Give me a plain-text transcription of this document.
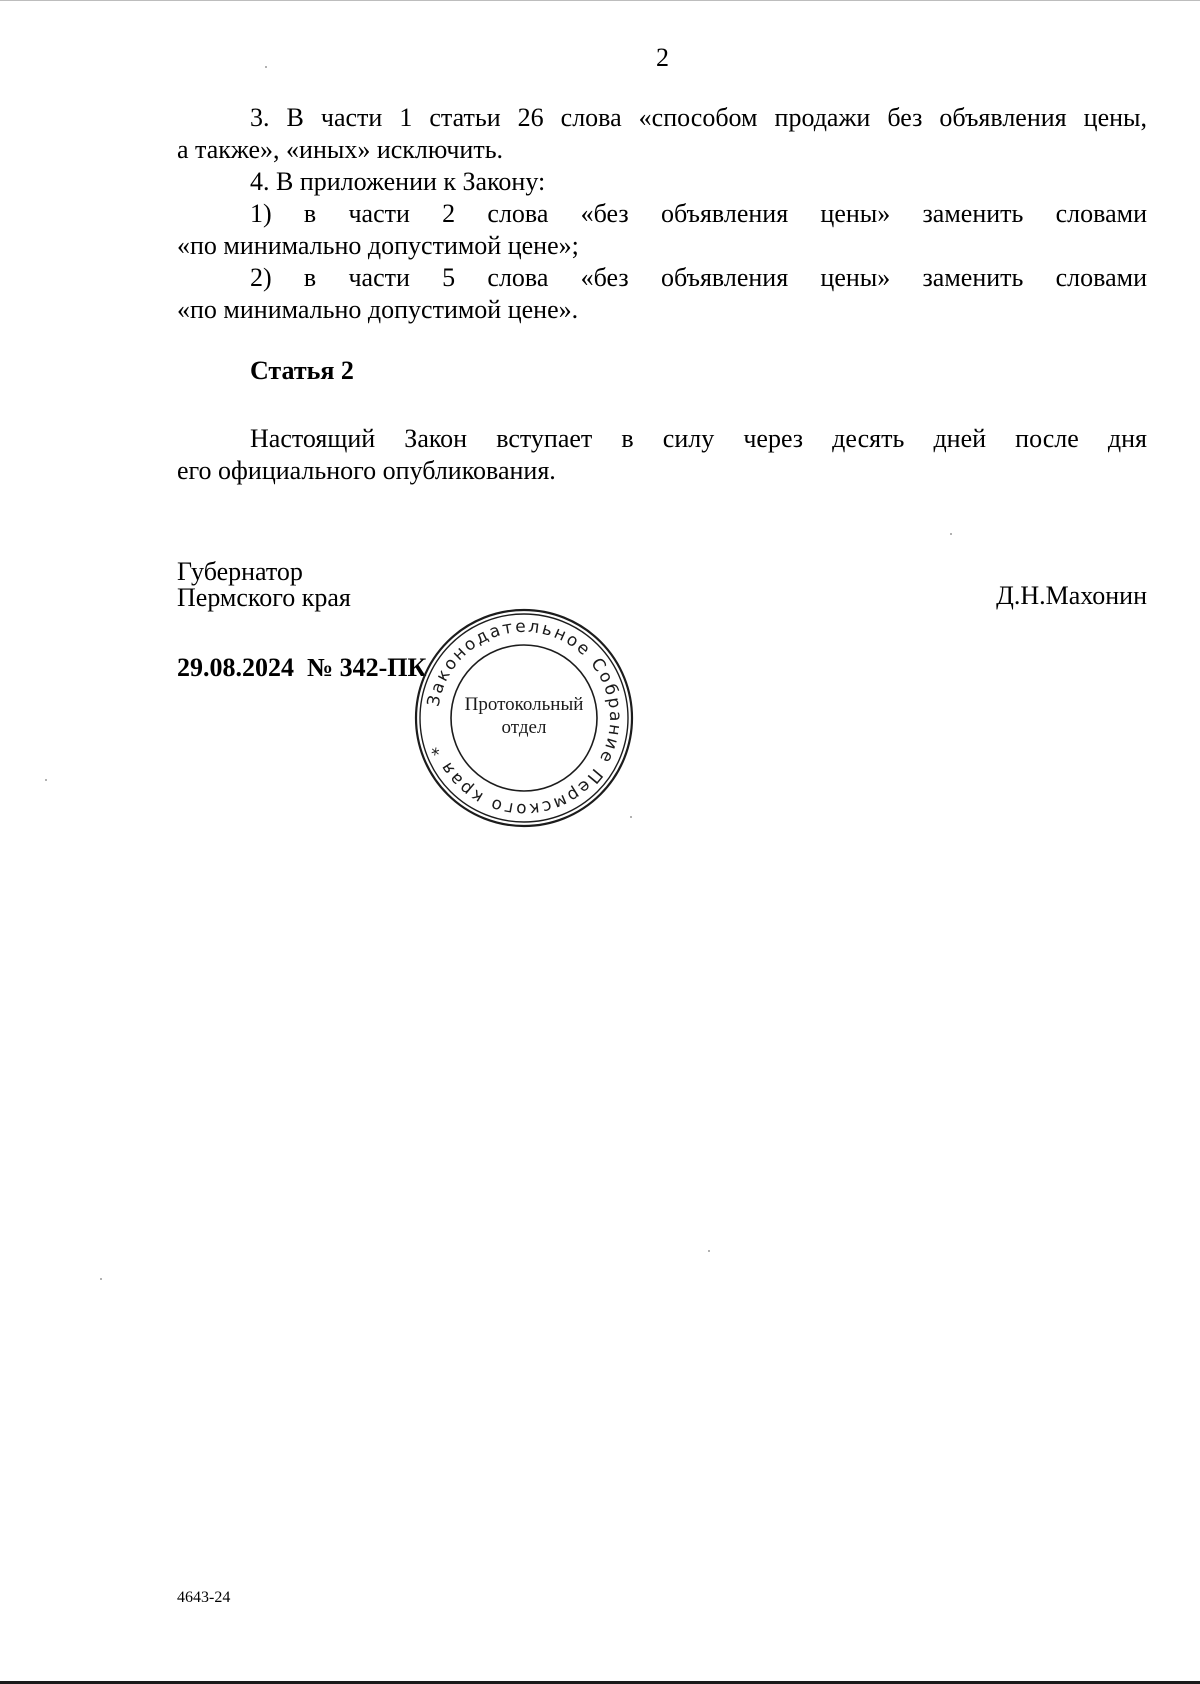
2

3. В части 1 статьи 26 слова «способом продажи без объявления цены,

а также», «иных» исключить.

4. В приложении к Закону:

1) в части 2 слова «без объявления цены» заменить словами

«по минимально допустимой цене»;

2) в части 5 слова «без объявления цены» заменить словами

«по минимально допустимой цене».

Статья 2

Настоящий Закон вступает в силу через десять дней после дня

его официального опубликования.

Губернатор
Пермского края	Д.Н.Махонин
29.08.2024  № 342-ПК
Законодательное Собрание Пермского края *
Протокольный
отдел
4643-24
